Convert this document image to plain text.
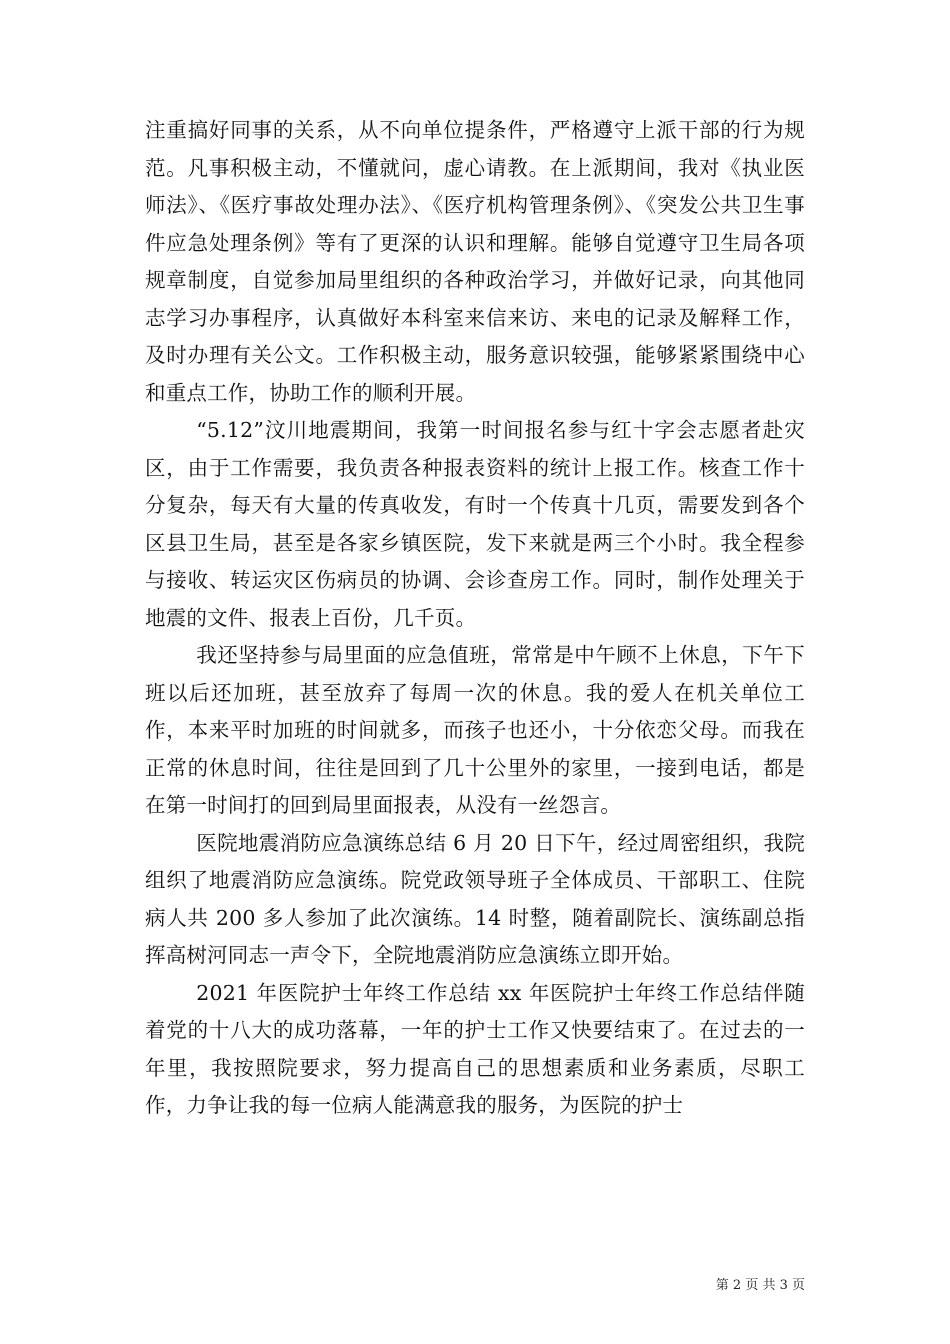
注重搞好同事的关系，从不向单位提条件，严格遵守上派干部的行为规范。凡事积极主动，不懂就问，虚心请教。在上派期间，我对《执业医师法》、《医疗事故处理办法》、《医疗机构管理条例》、《突发公共卫生事件应急处理条例》等有了更深的认识和理解。能够自觉遵守卫生局各项规章制度，自觉参加局里组织的各种政治学习，并做好记录，向其他同志学习办事程序，认真做好本科室来信来访、来电的记录及解释工作，及时办理有关公文。工作积极主动，服务意识较强，能够紧紧围绕中心和重点工作，协助工作的顺利开展。

“5.12”汶川地震期间，我第一时间报名参与红十字会志愿者赴灾区，由于工作需要，我负责各种报表资料的统计上报工作。核查工作十分复杂，每天有大量的传真收发，有时一个传真十几页，需要发到各个区县卫生局，甚至是各家乡镇医院，发下来就是两三个小时。我全程参与接收、转运灾区伤病员的协调、会诊查房工作。同时，制作处理关于地震的文件、报表上百份，几千页。

我还坚持参与局里面的应急值班，常常是中午顾不上休息，下午下班以后还加班，甚至放弃了每周一次的休息。我的爱人在机关单位工作，本来平时加班的时间就多，而孩子也还小，十分依恋父母。而我在正常的休息时间，往往是回到了几十公里外的家里，一接到电话，都是在第一时间打的回到局里面报表，从没有一丝怨言。

医院地震消防应急演练总结 6 月 20 日下午，经过周密组织，我院组织了地震消防应急演练。院党政领导班子全体成员、干部职工、住院病人共 200 多人参加了此次演练。14 时整，随着副院长、演练副总指挥高树河同志一声令下，全院地震消防应急演练立即开始。

2021 年医院护士年终工作总结 xx 年医院护士年终工作总结伴随着党的十八大的成功落幕，一年的护士工作又快要结束了。在过去的一年里，我按照院要求，努力提高自己的思想素质和业务素质，尽职工作，力争让我的每一位病人能满意我的服务，为医院的护士

第 2 页 共 3 页
